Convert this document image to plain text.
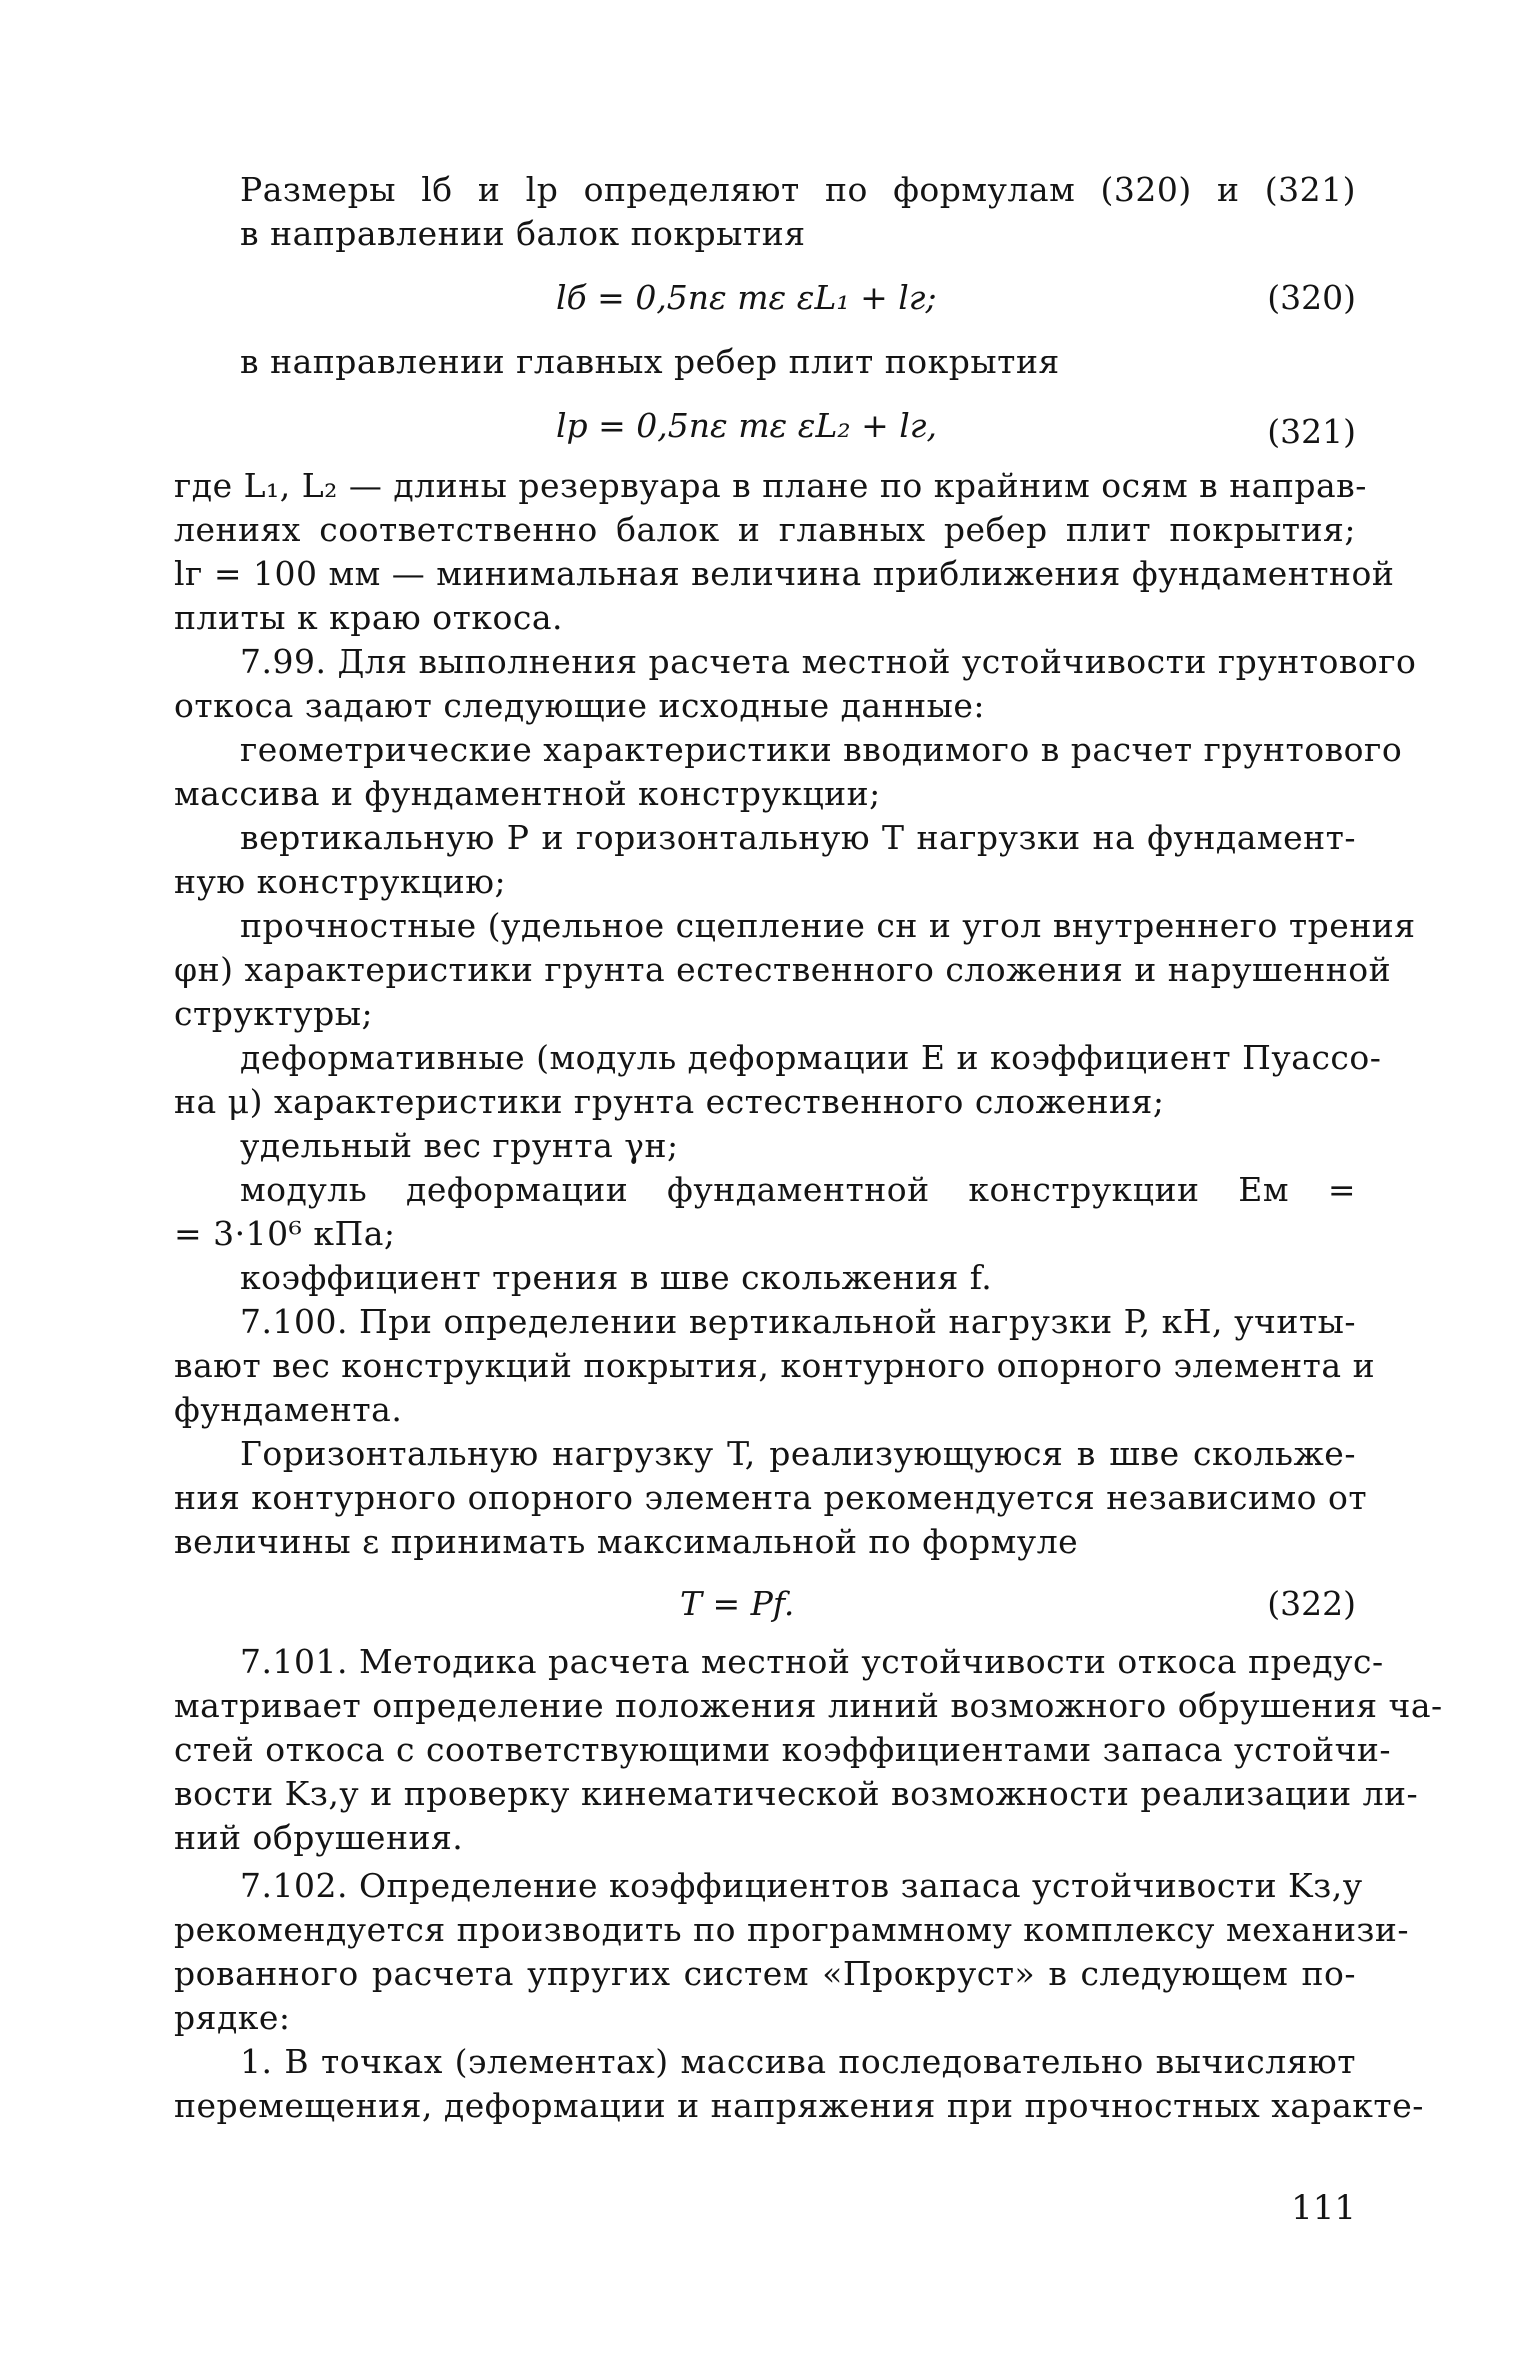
Размеры lб и lр определяют по формулам (320) и (321)
в направлении балок покрытия
lб = 0,5nε mε εL₁ + lг;	(320)
в направлении главных ребер плит покрытия
lр = 0,5nε mε εL₂ + lг,	(321)
где L₁, L₂ — длины резервуара в плане по крайним осям в направ-
лениях соответственно балок и главных ребер плит покрытия;
lг = 100 мм — минимальная величина приближения фундаментной
плиты к краю откоса.
7.99. Для выполнения расчета местной устойчивости грунтового
откоса задают следующие исходные данные:
геометрические характеристики вводимого в расчет грунтового
массива и фундаментной конструкции;
вертикальную P и горизонтальную T нагрузки на фундамент-
ную конструкцию;
прочностные (удельное сцепление cн и угол внутреннего трения
φн) характеристики грунта естественного сложения и нарушенной
структуры;
деформативные (модуль деформации E и коэффициент Пуассо-
на μ) характеристики грунта естественного сложения;
удельный вес грунта γн;
модуль деформации фундаментной конструкции Eм =
= 3·10⁶ кПа;
коэффициент трения в шве скольжения f.
7.100. При определении вертикальной нагрузки P, кН, учиты-
вают вес конструкций покрытия, контурного опорного элемента и
фундамента.
Горизонтальную нагрузку T, реализующуюся в шве скольже-
ния контурного опорного элемента рекомендуется независимо от
величины ε принимать максимальной по формуле
T = Pf.	(322)
7.101. Методика расчета местной устойчивости откоса предус-
матривает определение положения линий возможного обрушения ча-
стей откоса с соответствующими коэффициентами запаса устойчи-
вости Kз,у и проверку кинематической возможности реализации ли-
ний обрушения.
7.102. Определение коэффициентов запаса устойчивости Kз,у
рекомендуется производить по программному комплексу механизи-
рованного расчета упругих систем «Прокруст» в следующем по-
рядке:
1. В точках (элементах) массива последовательно вычисляют
перемещения, деформации и напряжения при прочностных характе-
111
